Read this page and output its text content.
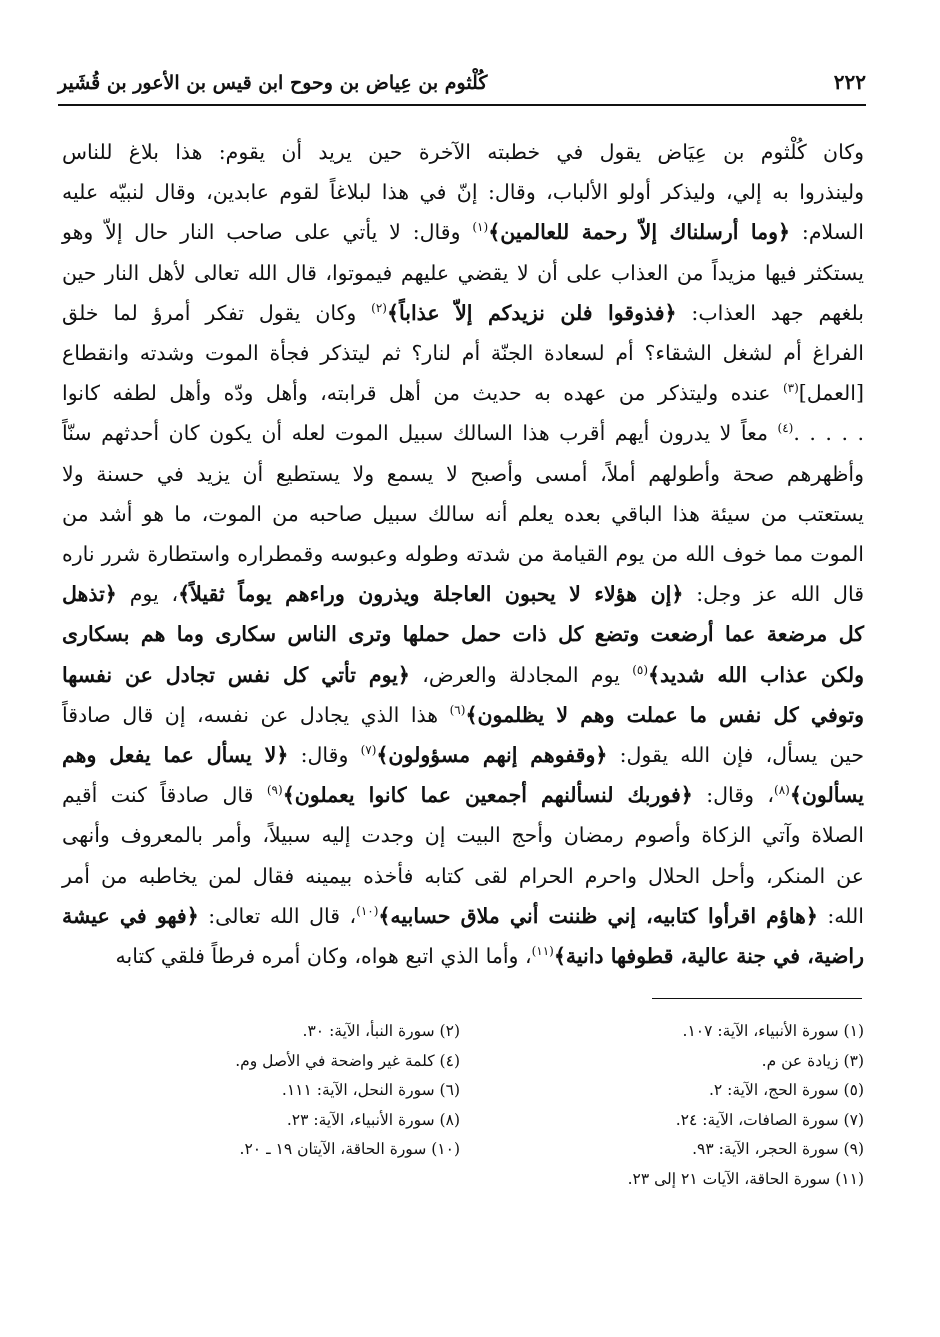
٢٢٢
كُلْثوم بن عِياض بن وحوح ابن قيس بن الأعور بن قُشَير
وكان كُلْثوم بن عِيَاض يقول في خطبته الآخرة حين يريد أن يقوم: هذا بلاغ للناس
ولينذروا به إلي، وليذكر أولو الألباب، وقال: إنّ في هذا لبلاغاً لقوم عابدين، وقال لنبيّه عليه
السلام: ﴿وما أرسلناك إلاّ رحمة للعالمين﴾$^{(١)}$ وقال: لا يأتي على صاحب النار حال إلاّ وهو
يستكثر فيها مزيداً من العذاب على أن لا يقضي عليهم فيموتوا، قال الله تعالى لأهل النار حين
بلغهم جهد العذاب: ﴿فذوقوا فلن نزيدكم إلاّ عذاباً﴾$^{(٢)}$ وكان يقول تفكر أمرؤ لما خلق
الفراغ أم لشغل الشقاء؟ أم لسعادة الجنّة أم لنار؟ ثم ليتذكر فجأة الموت وشدته وانقطاع
[العمل]$^{(٣)}$ عنده وليتذكر من عهده به حديث من أهل قرابته، وأهل ودّه وأهل لطفه كانوا
. . . . .$^{(٤)}$ معاً لا يدرون أيهم أقرب هذا السالك سبيل الموت لعله أن يكون كان أحدثهم سنّاً
وأظهرهم صحة وأطولهم أملاً، أمسى وأصبح لا يسمع ولا يستطيع أن يزيد في حسنة ولا
يستعتب من سيئة هذا الباقي بعده يعلم أنه سالك سبيل صاحبه من الموت، ما هو أشد من
الموت مما خوف الله من يوم القيامة من شدته وطوله وعبوسه وقمطراره واستطارة شرر ناره
قال الله عز وجل: ﴿إن هؤلاء لا يحبون العاجلة ويذرون وراءهم يوماً ثقيلاً﴾، يوم ﴿تذهل
كل مرضعة عما أرضعت وتضع كل ذات حمل حملها وترى الناس سكارى وما هم بسكارى
ولكن عذاب الله شديد﴾$^{(٥)}$ يوم المجادلة والعرض، ﴿يوم تأتي كل نفس تجادل عن نفسها
وتوفي كل نفس ما عملت وهم لا يظلمون﴾$^{(٦)}$ هذا الذي يجادل عن نفسه، إن قال صادقاً
حين يسأل، فإن الله يقول: ﴿وقفوهم إنهم مسؤولون﴾$^{(٧)}$ وقال: ﴿لا يسأل عما يفعل وهم
يسألون﴾$^{(٨)}$، وقال: ﴿فوربك لنسألنهم أجمعين عما كانوا يعملون﴾$^{(٩)}$ قال صادقاً كنت أقيم
الصلاة وآتي الزكاة وأصوم رمضان وأحج البيت إن وجدت إليه سبيلاً، وأمر بالمعروف وأنهى
عن المنكر، وأحل الحلال واحرم الحرام لقى كتابه فأخذه بيمينه فقال لمن يخاطبه من أمر
الله: ﴿هاؤم اقرأوا كتابيه، إني ظننت أني ملاق حسابيه﴾$^{(١٠)}$، قال الله تعالى: ﴿فهو في عيشة
راضية، في جنة عالية، قطوفها دانية﴾$^{(١١)}$، وأما الذي اتبع هواه، وكان أمره فرطاً فلقي كتابه
(١) سورة الأنبياء، الآية: ١٠٧.
(٢) سورة النبأ، الآية: ٣٠.
(٣) زيادة عن م.
(٤) كلمة غير واضحة في الأصل وم.
(٥) سورة الحج، الآية: ٢.
(٦) سورة النحل، الآية: ١١١.
(٧) سورة الصافات، الآية: ٢٤.
(٨) سورة الأنبياء، الآية: ٢٣.
(٩) سورة الحجر، الآية: ٩٣.
(١٠) سورة الحاقة، الآيتان ١٩ ـ ٢٠.
(١١) سورة الحاقة، الآيات ٢١ إلى ٢٣.
